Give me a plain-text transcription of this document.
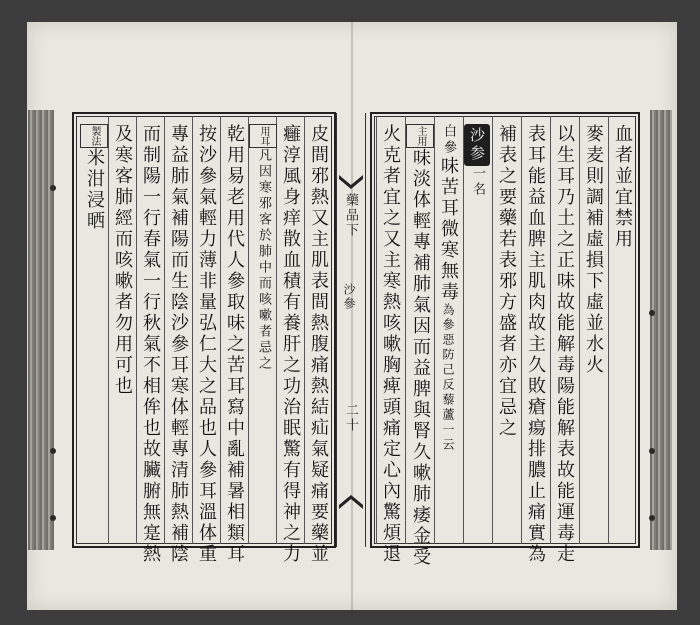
血者並宜禁用
麥麦則調補虛損下虛並水火
以生耳乃土之正味故能解毒陽能解表故能運毒走
表耳能益血脾主肌肉故主久敗瘡瘍排膿止痛實為
補表之要藥若表邪方盛者亦宜忌之
沙参一名
白參味苦耳微寒無毒為參惡防己反藜蘆一云
主用味淡体輕專補肺氣因而益脾與腎久嗽肺痿金受
火克者宜之又主寒熱咳嗽胸痺頭痛定心內驚煩退
藥品下
沙參
二十
皮間邪熱又主肌表間熱腹痛熱結疝氣疑痛要藥並
癰淳風身痒散血積有養肝之功治眠驚有得神之力
用耳凡因寒邪客於肺中而咳嗽者忌之
乾用易老用代人參取味之苦耳寫中亂補暑相類耳
按沙參氣輕力薄非量弘仁大之品也人參耳溫体重
專益肺氣補陽而生陰沙參耳寒体輕專清肺熱補陰
而制陽一行春氣一行秋氣不相侔也故臟腑無寔熱
及寒客肺經而咳嗽者勿用可也
製法米泔浸晒
